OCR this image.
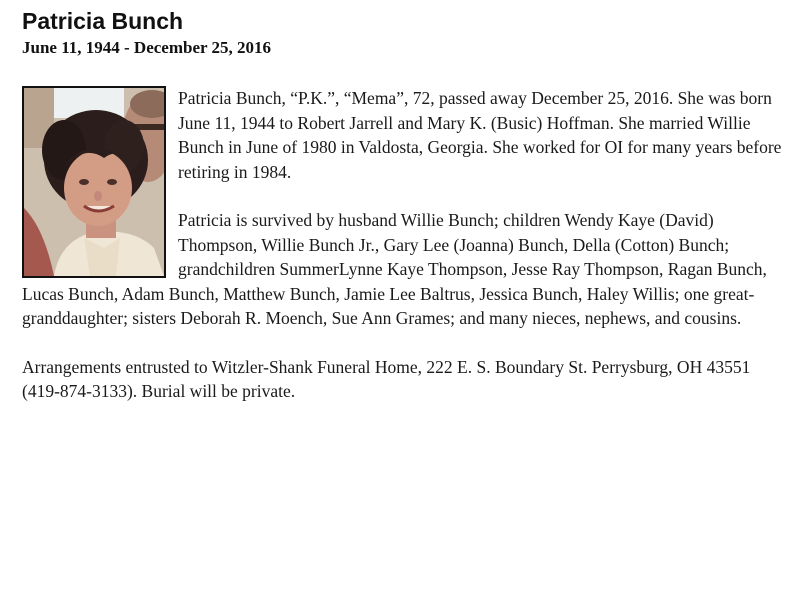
Patricia Bunch
June 11, 1944 - December 25, 2016

Patricia Bunch, “P.K.”, “Mema”, 72, passed away December 25, 2016. She was born June 11, 1944 to Robert Jarrell and Mary K. (Busic) Hoffman. She married Willie Bunch in June of 1980 in Valdosta, Georgia. She worked for OI for many years before retiring in 1984.

Patricia is survived by husband Willie Bunch; children Wendy Kaye (David) Thompson, Willie Bunch Jr., Gary Lee (Joanna) Bunch, Della (Cotton) Bunch; grandchildren SummerLynne Kaye Thompson, Jesse Ray Thompson, Ragan Bunch, Lucas Bunch, Adam Bunch, Matthew Bunch, Jamie Lee Baltrus, Jessica Bunch, Haley Willis; one great-granddaughter; sisters Deborah R. Moench, Sue Ann Grames; and many nieces, nephews, and cousins.

Arrangements entrusted to Witzler-Shank Funeral Home, 222 E. S. Boundary St. Perrysburg, OH 43551 (419-874-3133). Burial will be private.
